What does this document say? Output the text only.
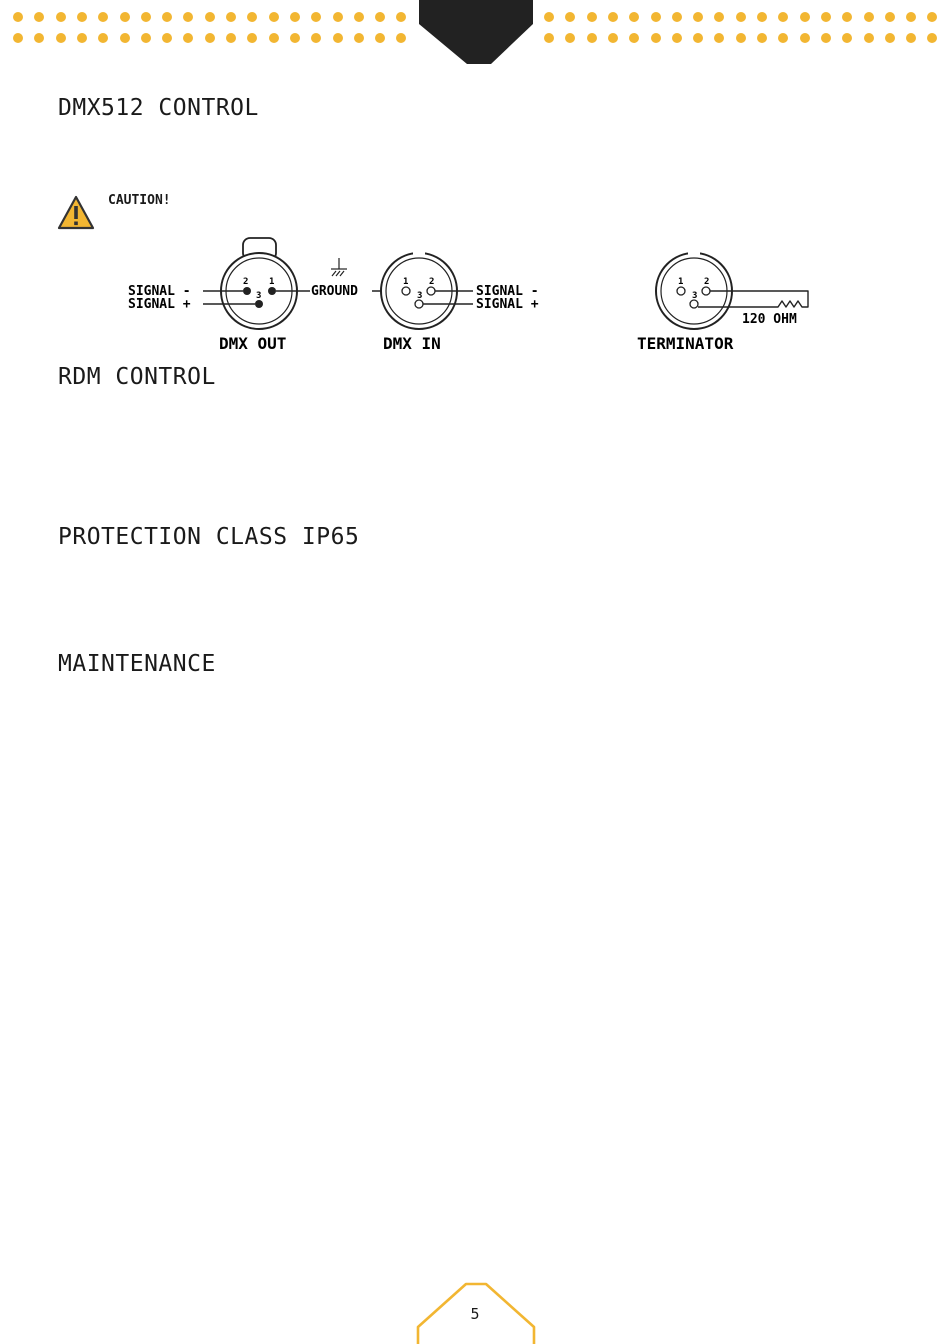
DMX512 CONTROL
CAUTION!
2 1
3
SIGNAL -
SIGNAL +
GROUND
1 2
3	SIGNAL -
SIGNAL +
1 2
3
120 OHM
DMX OUT	DMX IN	TERMINATOR
RDM CONTROL
PROTECTION CLASS IP65
MAINTENANCE
5
